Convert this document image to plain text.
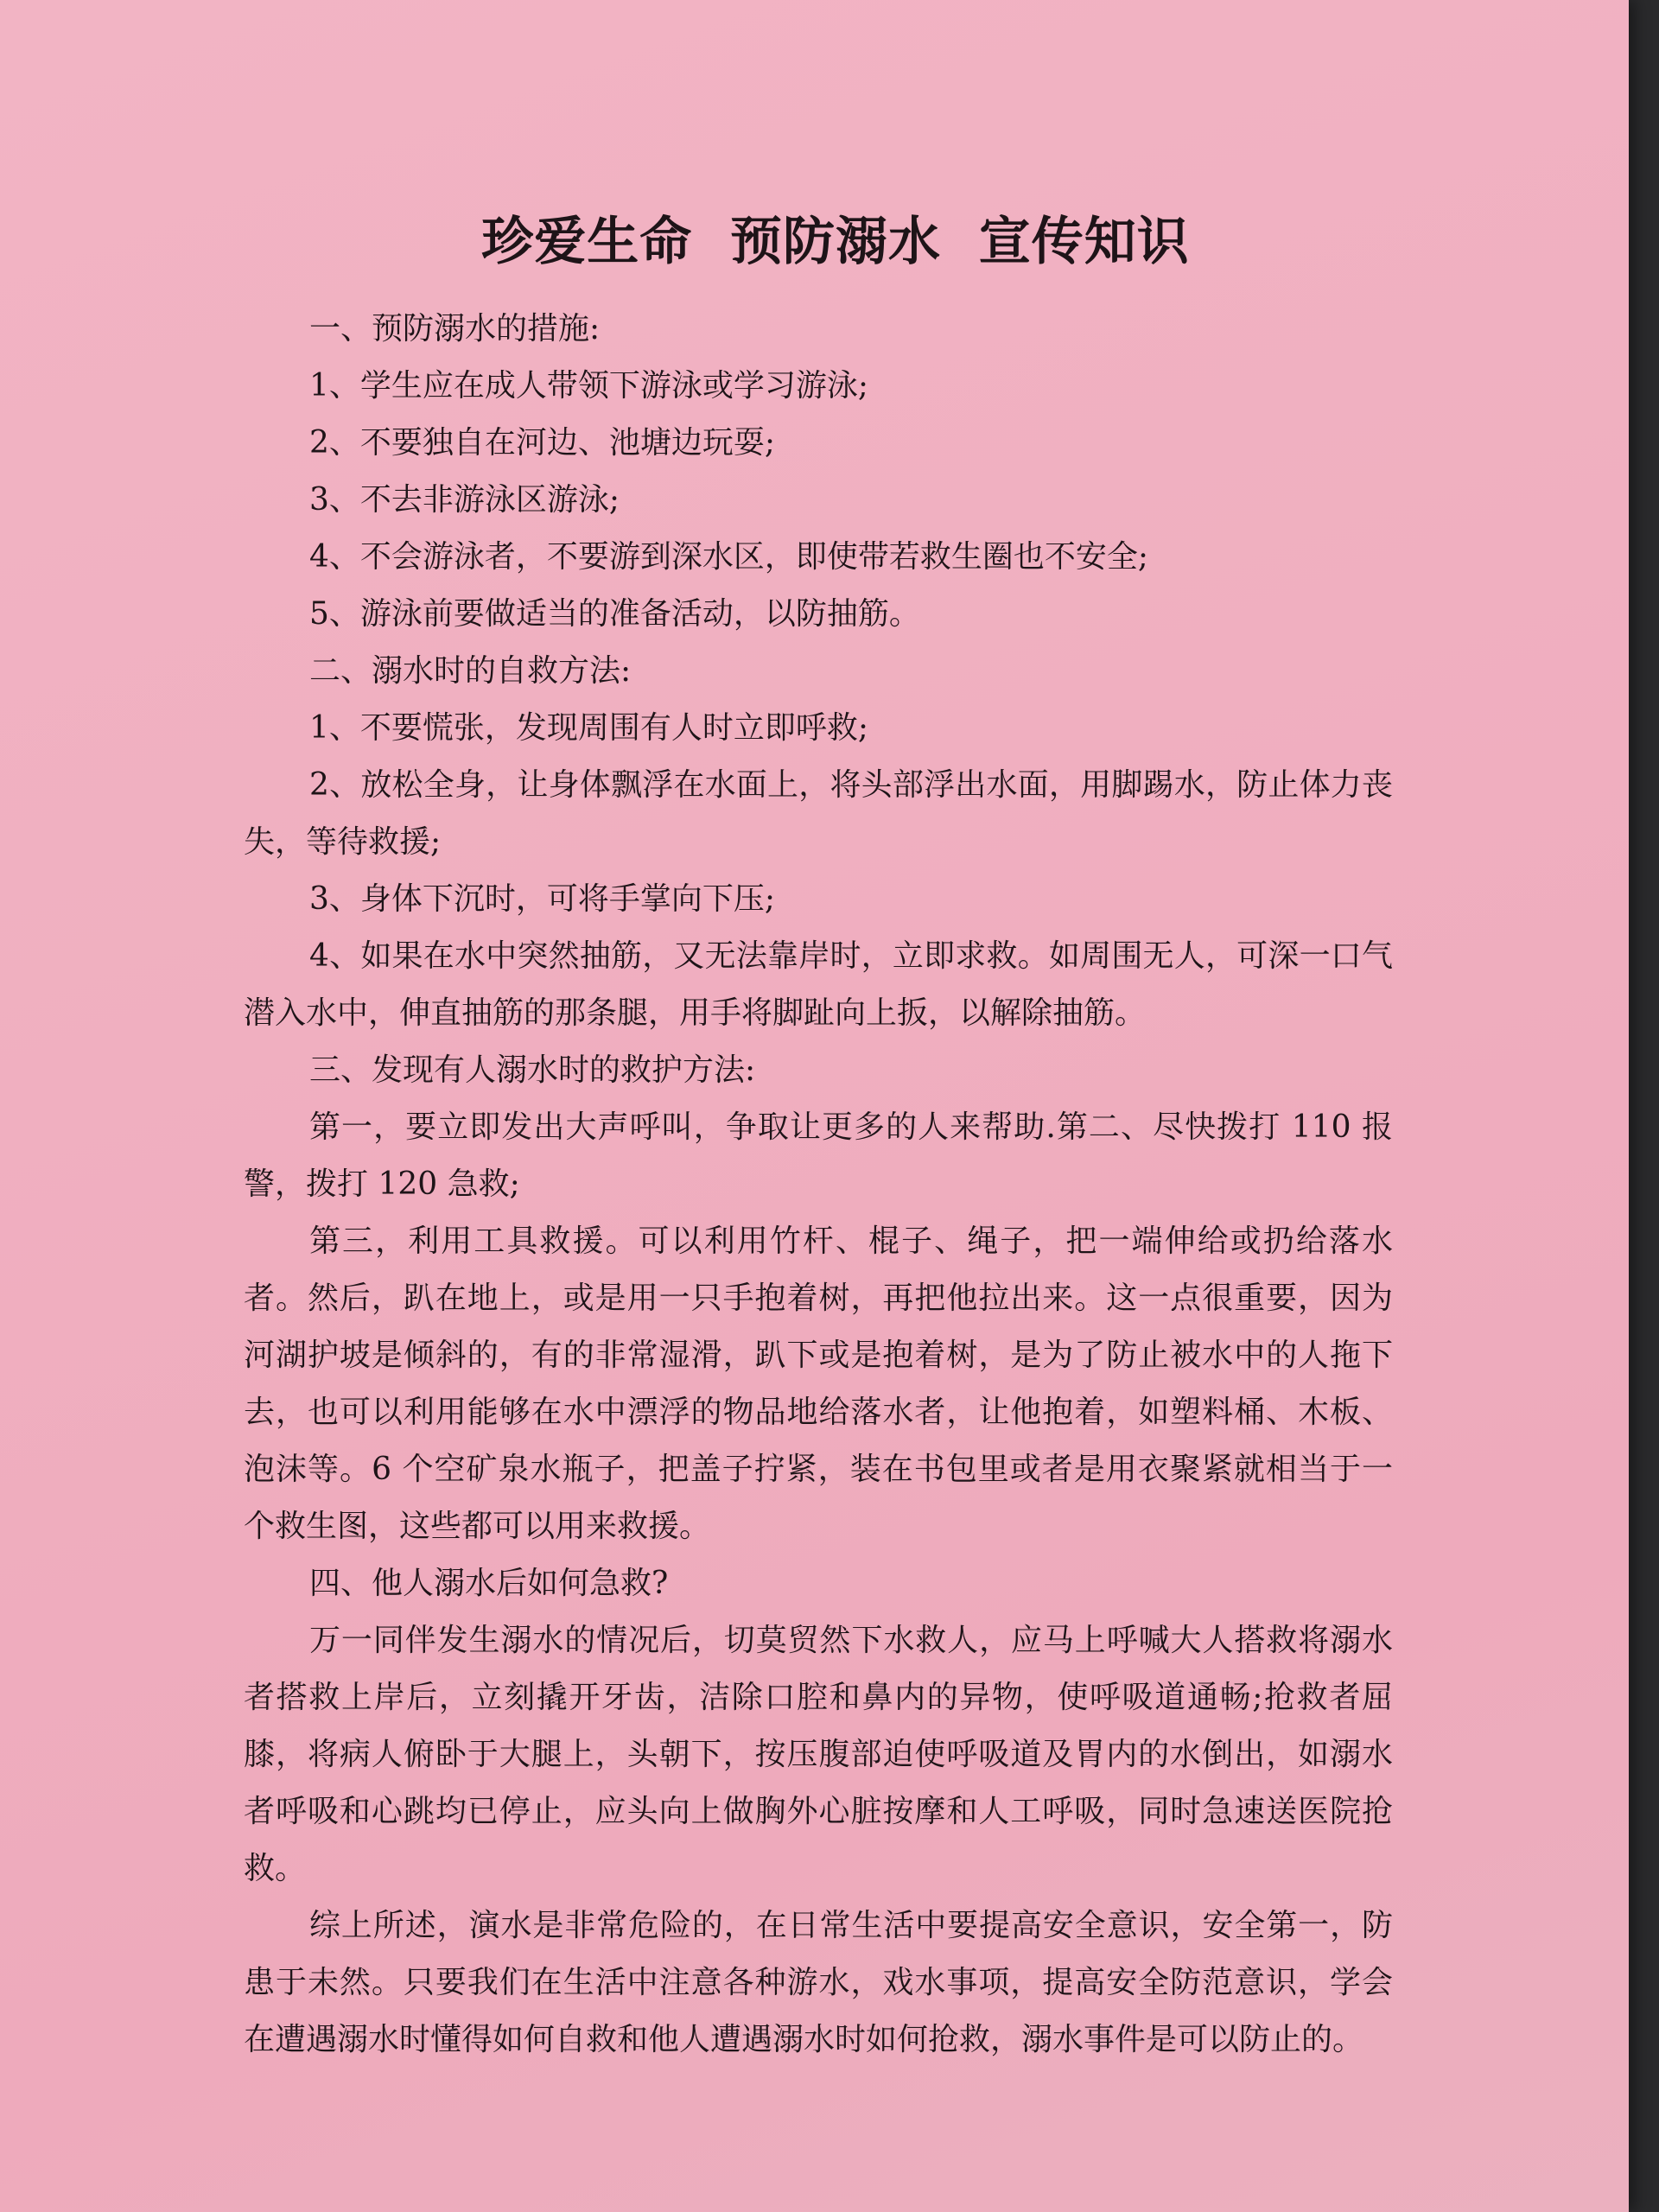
珍爱生命  预防溺水  宣传知识

一、预防溺水的措施:

1、学生应在成人带领下游泳或学习游泳;

2、不要独自在河边、池塘边玩耍;

3、不去非游泳区游泳;

4、不会游泳者，不要游到深水区，即使带若救生圈也不安全;

5、游泳前要做适当的准备活动，以防抽筋。

二、溺水时的自救方法:

1、不要慌张，发现周围有人时立即呼救;

2、放松全身，让身体飘浮在水面上，将头部浮出水面，用脚踢水，防止体力丧失，等待救援;

3、身体下沉时，可将手掌向下压;

4、如果在水中突然抽筋，又无法靠岸时，立即求救。如周围无人，可深一口气潜入水中，伸直抽筋的那条腿，用手将脚趾向上扳，以解除抽筋。

三、发现有人溺水时的救护方法:

第一，要立即发出大声呼叫，争取让更多的人来帮助.第二、尽快拨打 110 报警，拨打 120 急救;

第三，利用工具救援。可以利用竹杆、棍子、绳子，把一端伸给或扔给落水者。然后，趴在地上，或是用一只手抱着树，再把他拉出来。这一点很重要，因为河湖护坡是倾斜的，有的非常湿滑，趴下或是抱着树，是为了防止被水中的人拖下去，也可以利用能够在水中漂浮的物品地给落水者，让他抱着，如塑料桶、木板、泡沫等。6 个空矿泉水瓶子，把盖子拧紧，装在书包里或者是用衣聚紧就相当于一个救生图，这些都可以用来救援。

四、他人溺水后如何急救?

万一同伴发生溺水的情况后，切莫贸然下水救人，应马上呼喊大人搭救将溺水者搭救上岸后，立刻撬开牙齿，洁除口腔和鼻内的异物，使呼吸道通畅;抢救者屈膝，将病人俯卧于大腿上，头朝下，按压腹部迫使呼吸道及胃内的水倒出，如溺水者呼吸和心跳均已停止，应头向上做胸外心脏按摩和人工呼吸，同时急速送医院抢救。

综上所述，演水是非常危险的，在日常生活中要提高安全意识，安全第一，防患于未然。只要我们在生活中注意各种游水，戏水事项，提高安全防范意识，学会在遭遇溺水时懂得如何自救和他人遭遇溺水时如何抢救，溺水事件是可以防止的。
